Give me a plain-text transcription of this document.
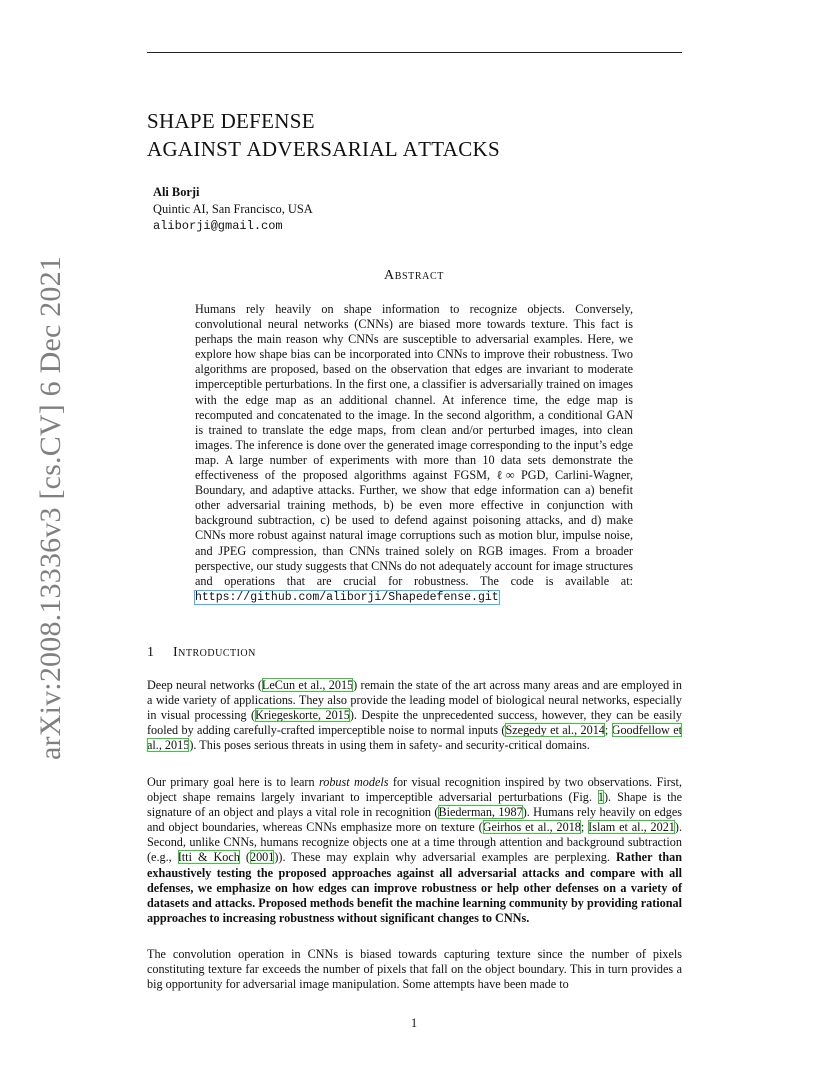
SHAPE DEFENSE
AGAINST ADVERSARIAL ATTACKS
Ali Borji
Quintic AI, San Francisco, USA
aliborji@gmail.com
Abstract

Humans rely heavily on shape information to recognize objects. Conversely, convolutional neural networks (CNNs) are biased more towards texture. This fact is perhaps the main reason why CNNs are susceptible to adversarial examples. Here, we explore how shape bias can be incorporated into CNNs to improve their robustness. Two algorithms are proposed, based on the observation that edges are invariant to moderate imperceptible perturbations. In the first one, a classifier is adversarially trained on images with the edge map as an additional channel. At inference time, the edge map is recomputed and concatenated to the image. In the second algorithm, a conditional GAN is trained to translate the edge maps, from clean and/or perturbed images, into clean images. The inference is done over the generated image corresponding to the input’s edge map. A large number of experiments with more than 10 data sets demonstrate the effectiveness of the proposed algorithms against FGSM, ℓ∞ PGD, Carlini-Wagner, Boundary, and adaptive attacks. Further, we show that edge information can a) benefit other adversarial training methods, b) be even more effective in conjunction with background subtraction, c) be used to defend against poisoning attacks, and d) make CNNs more robust against natural image corruptions such as motion blur, impulse noise, and JPEG compression, than CNNs trained solely on RGB images. From a broader perspective, our study suggests that CNNs do not adequately account for image structures and operations that are crucial for robustness. The code is available at: https://github.com/aliborji/Shapedefense.git

1 Introduction

Deep neural networks (LeCun et al., 2015) remain the state of the art across many areas and are employed in a wide variety of applications. They also provide the leading model of biological neural networks, especially in visual processing (Kriegeskorte, 2015). Despite the unprecedented success, however, they can be easily fooled by adding carefully-crafted imperceptible noise to normal inputs (Szegedy et al., 2014; Goodfellow et al., 2015). This poses serious threats in using them in safety- and security-critical domains.

Our primary goal here is to learn robust models for visual recognition inspired by two observations. First, object shape remains largely invariant to imperceptible adversarial perturbations (Fig. 1). Shape is the signature of an object and plays a vital role in recognition (Biederman, 1987). Humans rely heavily on edges and object boundaries, whereas CNNs emphasize more on texture (Geirhos et al., 2018; Islam et al., 2021). Second, unlike CNNs, humans recognize objects one at a time through attention and background subtraction (e.g., Itti & Koch (2001)). These may explain why adversarial examples are perplexing. Rather than exhaustively testing the proposed approaches against all adversarial attacks and compare with all defenses, we emphasize on how edges can improve robustness or help other defenses on a variety of datasets and attacks. Proposed methods benefit the machine learning community by providing rational approaches to increasing robustness without significant changes to CNNs.

The convolution operation in CNNs is biased towards capturing texture since the number of pixels constituting texture far exceeds the number of pixels that fall on the object boundary. This in turn provides a big opportunity for adversarial image manipulation. Some attempts have been made to

arXiv:2008.13336v3 [cs.CV] 6 Dec 2021
1
